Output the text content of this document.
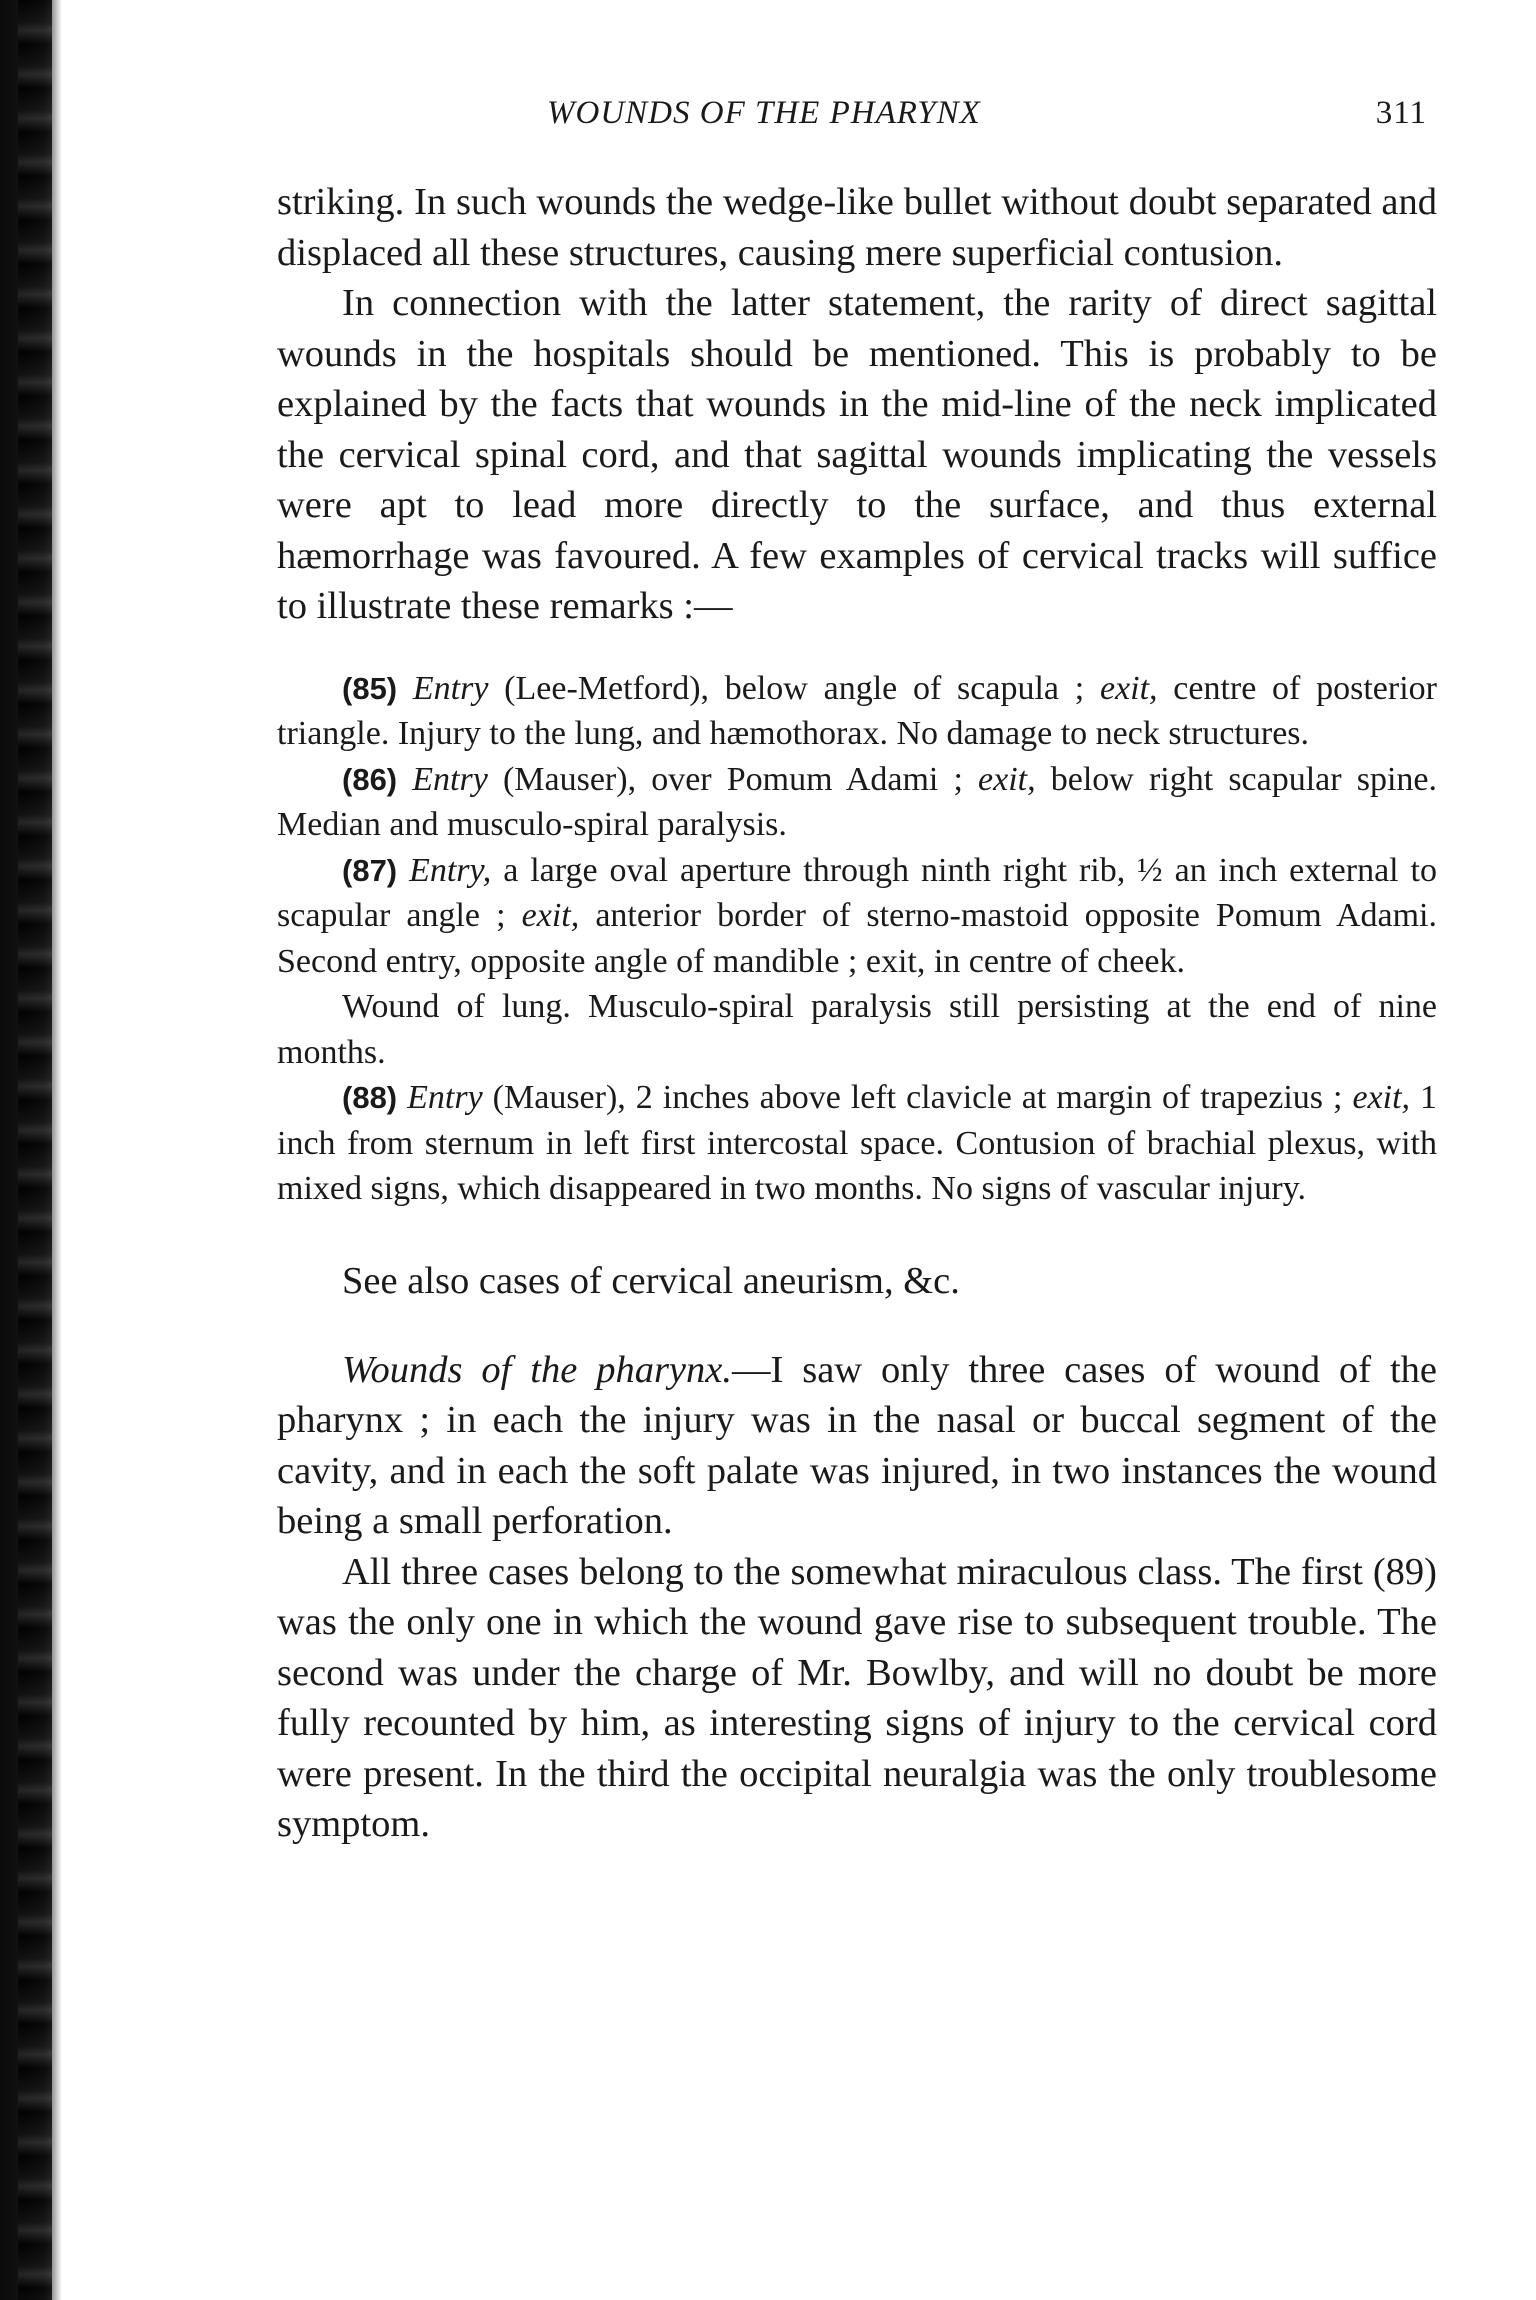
WOUNDS OF THE PHARYNX	311

striking. In such wounds the wedge-like bullet without doubt separated and displaced all these structures, causing mere superficial contusion.

In connection with the latter statement, the rarity of direct sagittal wounds in the hospitals should be mentioned. This is probably to be explained by the facts that wounds in the mid-line of the neck implicated the cervical spinal cord, and that sagittal wounds implicating the vessels were apt to lead more directly to the surface, and thus external hæmorrhage was favoured. A few examples of cervical tracks will suffice to illustrate these remarks :—

(85) Entry (Lee-Metford), below angle of scapula ; exit, centre of posterior triangle. Injury to the lung, and hæmothorax. No damage to neck structures.

(86) Entry (Mauser), over Pomum Adami ; exit, below right scapular spine. Median and musculo-spiral paralysis.

(87) Entry, a large oval aperture through ninth right rib, ½ an inch external to scapular angle ; exit, anterior border of sterno-mastoid opposite Pomum Adami. Second entry, opposite angle of mandible ; exit, in centre of cheek.

Wound of lung. Musculo-spiral paralysis still persisting at the end of nine months.

(88) Entry (Mauser), 2 inches above left clavicle at margin of trapezius ; exit, 1 inch from sternum in left first intercostal space. Contusion of brachial plexus, with mixed signs, which disappeared in two months. No signs of vascular injury.

See also cases of cervical aneurism, &c.

Wounds of the pharynx.—I saw only three cases of wound of the pharynx ; in each the injury was in the nasal or buccal segment of the cavity, and in each the soft palate was injured, in two instances the wound being a small perforation.

All three cases belong to the somewhat miraculous class. The first (89) was the only one in which the wound gave rise to subsequent trouble. The second was under the charge of Mr. Bowlby, and will no doubt be more fully recounted by him, as interesting signs of injury to the cervical cord were present. In the third the occipital neuralgia was the only troublesome symptom.
